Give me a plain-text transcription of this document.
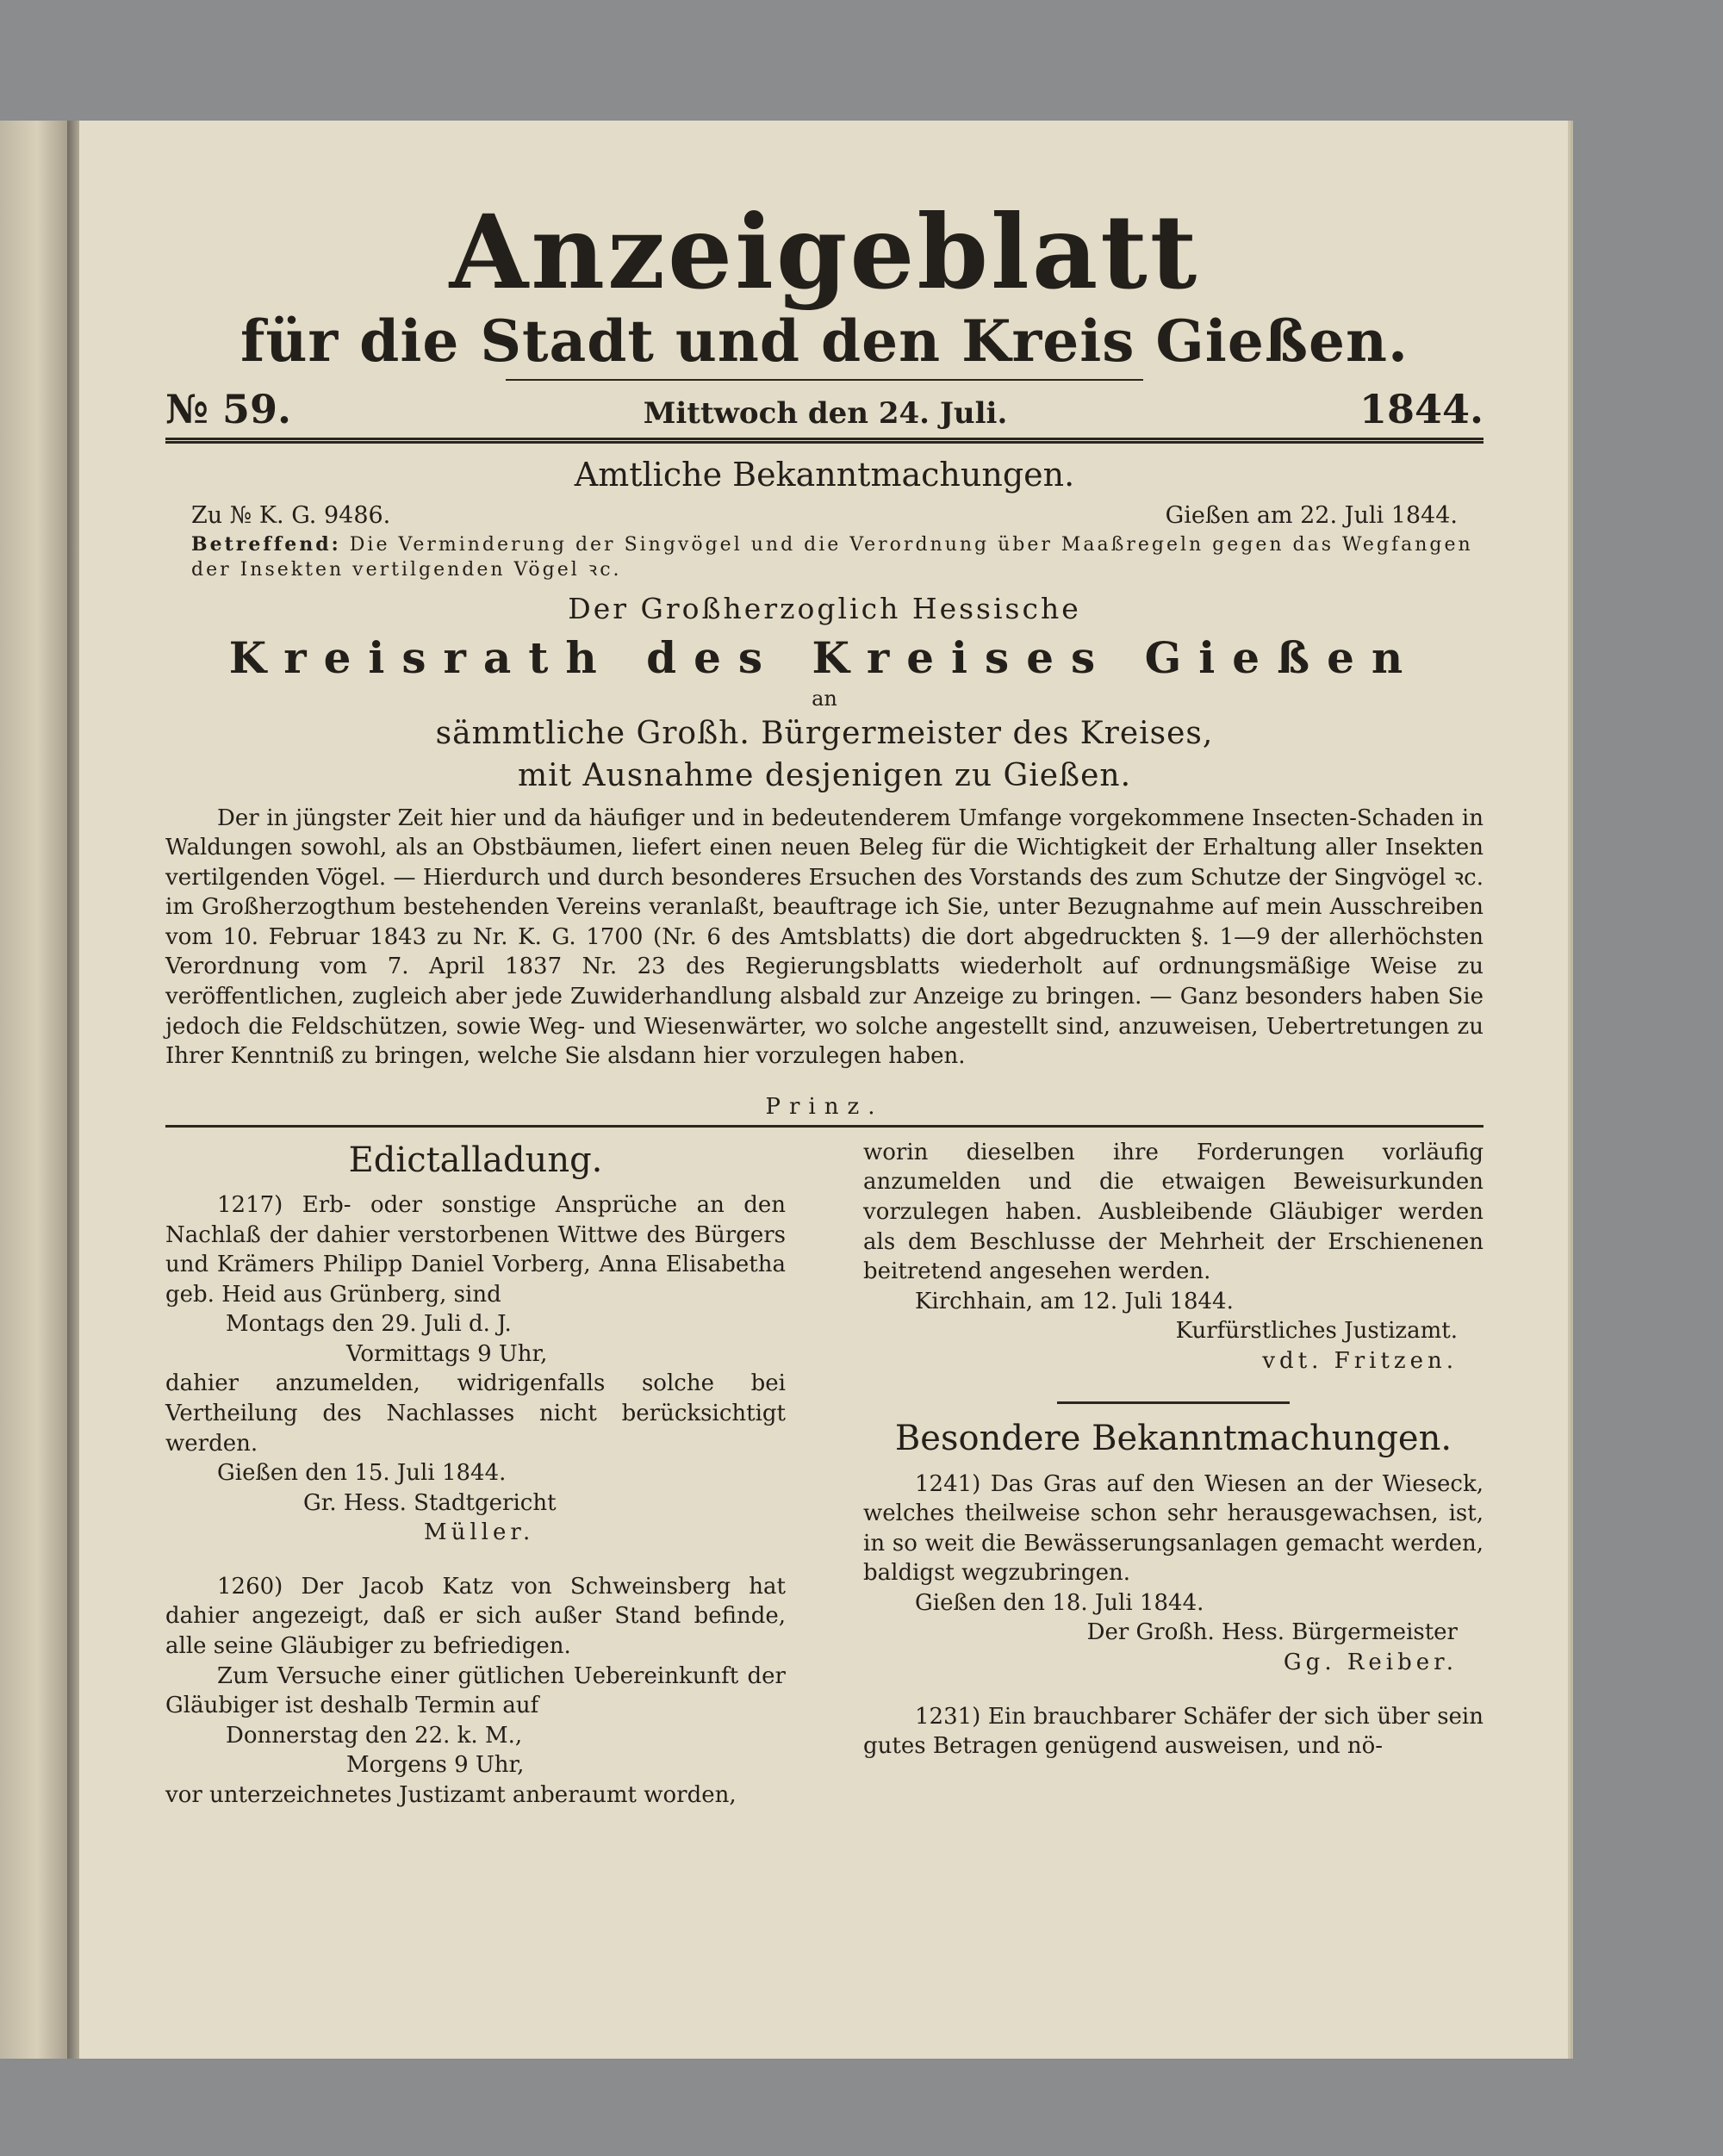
Anzeigeblatt
für die Stadt und den Kreis Gießen.
№ 59.	Mittwoch den 24. Juli.	1844.
Amtliche Bekanntmachungen.
Zu № K. G. 9486.	Gießen am 22. Juli 1844.
Betreffend: Die Verminderung der Singvögel und die Verordnung über Maaßregeln gegen das Wegfangen der Insekten vertilgenden Vögel ꝛc.
Der Großherzoglich Hessische
Kreisrath des Kreises Gießen
an
sämmtliche Großh. Bürgermeister des Kreises,
mit Ausnahme desjenigen zu Gießen.

Der in jüngster Zeit hier und da häufiger und in bedeutenderem Umfange vorgekommene Insecten-Schaden in Waldungen sowohl, als an Obstbäumen, liefert einen neuen Beleg für die Wichtigkeit der Erhaltung aller Insekten vertilgenden Vögel. — Hierdurch und durch besonderes Ersuchen des Vorstands des zum Schutze der Singvögel ꝛc. im Großherzogthum bestehenden Vereins veranlaßt, beauftrage ich Sie, unter Bezugnahme auf mein Ausschreiben vom 10. Februar 1843 zu Nr. K. G. 1700 (Nr. 6 des Amtsblatts) die dort abgedruckten §. 1—9 der allerhöchsten Verordnung vom 7. April 1837 Nr. 23 des Regierungsblatts wiederholt auf ordnungsmäßige Weise zu veröffentlichen, zugleich aber jede Zuwiderhandlung alsbald zur Anzeige zu bringen. — Ganz besonders haben Sie jedoch die Feldschützen, sowie Weg- und Wiesenwärter, wo solche angestellt sind, anzuweisen, Uebertretungen zu Ihrer Kenntniß zu bringen, welche Sie alsdann hier vorzulegen haben.

Prinz.
Edictalladung.

1217) Erb- oder sonstige Ansprüche an den Nachlaß der dahier verstorbenen Wittwe des Bürgers und Krämers Philipp Daniel Vorberg, Anna Elisabetha geb. Heid aus Grünberg, sind

Montags den 29. Juli d. J.

Vormittags 9 Uhr,

dahier anzumelden, widrigenfalls solche bei Vertheilung des Nachlasses nicht berücksichtigt werden.

Gießen den 15. Juli 1844.

Gr. Hess. Stadtgericht

Müller.

1260) Der Jacob Katz von Schweinsberg hat dahier angezeigt, daß er sich außer Stand befinde, alle seine Gläubiger zu befriedigen.

Zum Versuche einer gütlichen Uebereinkunft der Gläubiger ist deshalb Termin auf

Donnerstag den 22. k. M.,

Morgens 9 Uhr,

vor unterzeichnetes Justizamt anberaumt worden,

worin dieselben ihre Forderungen vorläufig anzumelden und die etwaigen Beweisurkunden vorzulegen haben. Ausbleibende Gläubiger werden als dem Beschlusse der Mehrheit der Erschienenen beitretend angesehen werden.

Kirchhain, am 12. Juli 1844.

Kurfürstliches Justizamt.

vdt. Fritzen.

Besondere Bekanntmachungen.

1241) Das Gras auf den Wiesen an der Wieseck, welches theilweise schon sehr herausgewachsen, ist, in so weit die Bewässerungsanlagen gemacht werden, baldigst wegzubringen.

Gießen den 18. Juli 1844.

Der Großh. Hess. Bürgermeister

Gg. Reiber.

1231) Ein brauchbarer Schäfer der sich über sein gutes Betragen genügend ausweisen, und nö-
